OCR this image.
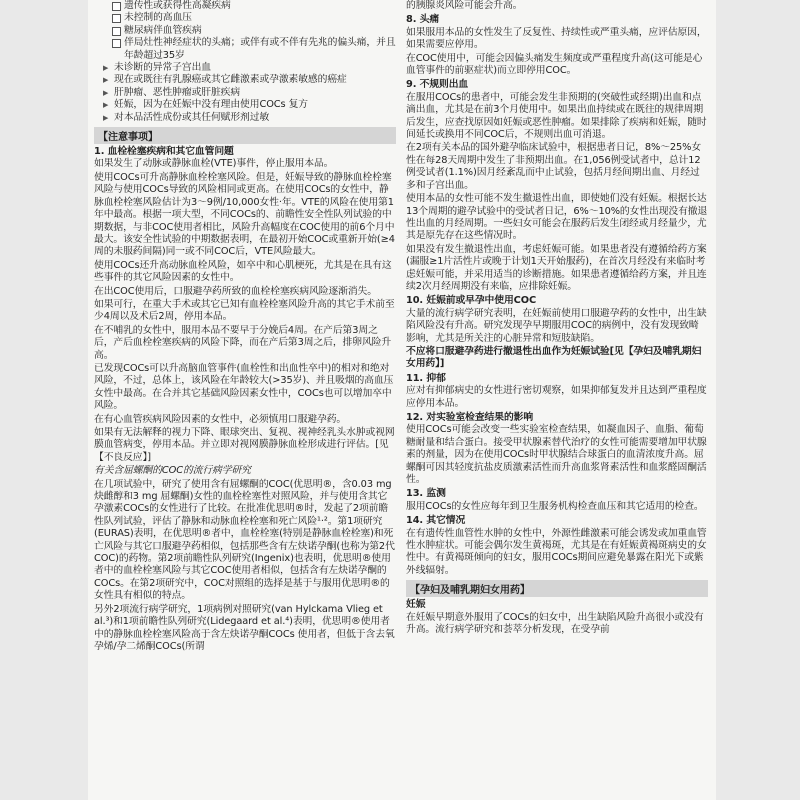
遗传性或获得性高凝疾病
未控制的高血压
糖尿病伴血管疾病
伴局灶性神经症状的头痛；或伴有或不伴有先兆的偏头痛，并且年龄超过35岁
▶ 未诊断的异常子宫出血
▶ 现在或既往有乳腺癌或其它雌激素或孕激素敏感的癌症
▶ 肝肿瘤、恶性肿瘤或肝脏疾病
▶ 妊娠，因为在妊娠中没有理由使用COCs 复方
▶ 对本品活性成份或其任何赋形剂过敏
【注意事项】

1. 血栓栓塞疾病和其它血管问题

如果发生了动脉或静脉血栓(VTE)事件，停止服用本品。

使用COCs可升高静脉血栓栓塞风险。但是，妊娠导致的静脉血栓栓塞风险与使用COCs导致的风险相同或更高。在使用COCs的女性中，静脉血栓栓塞风险估计为3～9例/10,000女性·年。VTE的风险在使用第1年中最高。根据一项大型，不同COCs的、前瞻性安全性队列试验的中期数据，与非COC使用者相比，风险升高幅度在COC使用的前6个月中最大。该安全性试验的中期数据表明，在最初开始COC或重新开始(≥4周的未服药间隔)同一或不同COC后，VTE风险最大。

使用COCs还升高动脉血栓风险，如卒中和心肌梗死，尤其是在具有这些事件的其它风险因素的女性中。

在出COC使用后，口服避孕药所致的血栓栓塞疾病风险逐渐消失。

如果可行，在重大手术或其它已知有血栓栓塞风险升高的其它手术前至少4周以及术后2周，停用本品。

在不哺乳的女性中，服用本品不要早于分娩后4周。在产后第3周之后，产后血栓栓塞疾病的风险下降，而在产后第3周之后，排卵风险升高。

已发现COCs可以升高脑血管事件(血栓性和出血性卒中)的相对和绝对风险，不过，总体上，该风险在年龄较大(>35岁)、并且吸烟的高血压女性中最高。在合并其它基础风险因素女性中，COCs也可以增加卒中风险。

在有心血管疾病风险因素的女性中，必须慎用口服避孕药。

如果有无法解释的视力下降、眼球突出、复视、视神经乳头水肿或视网膜血管病变，停用本品。并立即对视网膜静脉血栓形成进行评估。[见【不良反应】]

有关含屈螺酮的COC的流行病学研究

在几项试验中，研究了使用含有屈螺酮的COC(优思明®，含0.03 mg 炔雌醇和3 mg 屈螺酮)女性的血栓栓塞性对照风险，并与使用含其它孕激素COCs的女性进行了比较。在批准优思明®时，发起了2项前瞻性队列试验，评估了静脉和动脉血栓栓塞和死亡风险¹·²。第1项研究(EURAS)表明，在优思明®者中，血栓栓塞(特别是静脉血栓栓塞)和死亡风险与其它口服避孕药相似，包括那些含有左炔诺孕酮(也称为第2代COC)的药物。第2项前瞻性队列研究(Ingenix)也表明，优思明®使用者中的血栓栓塞风险与其它COC使用者相似，包括含有左炔诺孕酮的COCs。在第2项研究中，COC对照组的选择是基于与服用优思明®的女性具有相似的特点。

另外2项流行病学研究，1项病例对照研究(van Hylckama Vlieg et al.³)和1项前瞻性队列研究(Lidegaard et al.⁴)表明，优思明®使用者中的静脉血栓栓塞风险高于含左炔诺孕酮COCs 使用者，但低于含去氧孕烯/孕二烯酮COCs(所谓

的胰腺炎风险可能会升高。

8. 头痛

如果服用本品的女性发生了反复性、持续性或严重头痛，应评估原因，如果需要应停用。

在COC使用中，可能会因偏头痛发生频度或严重程度升高(这可能是心血管事件的前驱症状)而立即停用COC。

9. 不规则出血

在服用COCs的患者中，可能会发生非预期的(突破性或经期)出血和点滴出血，尤其是在前3个月使用中。如果出血持续或在既往的规律周期后发生，应查找原因如妊娠或恶性肿瘤。如果排除了疾病和妊娠，随时间延长或换用不同COC后，不规则出血可消退。

在2项有关本品的国外避孕临床试验中，根据患者日记，8%～25%女性在每28天周期中发生了非预期出血。在1,056例受试者中，总计12例受试者(1.1%)因月经紊乱而中止试验，包括月经间期出血、月经过多和子宫出血。

使用本品的女性可能不发生撤退性出血，即使她们没有妊娠。根据长达13个周期的避孕试验中的受试者日记，6%～10%的女性出现没有撤退性出血的月经周期。一些妇女可能会在服药后发生闭经或月经量少，尤其是原先存在这些情况时。

如果没有发生撤退性出血，考虑妊娠可能。如果患者没有遵循给药方案(漏服≥1片活性片或晚于计划1天开始服药)，在首次月经没有来临时考虑妊娠可能，并采用适当的诊断措施。如果患者遵循给药方案，并且连续2次月经周期没有来临，应排除妊娠。

10. 妊娠前或早孕中使用COC

大量的流行病学研究表明，在妊娠前使用口服避孕药的女性中，出生缺陷风险没有升高。研究发现孕早期服用COC的病例中，没有发现致畸影响，尤其是所关注的心脏异常和短肢缺陷。

不应将口服避孕药进行撤退性出血作为妊娠试验[见【孕妇及哺乳期妇女用药】]

11. 抑郁

应对有抑郁病史的女性进行密切观察，如果抑郁复发并且达到严重程度应停用本品。

12. 对实验室检查结果的影响

使用COCs可能会改变一些实验室检查结果，如凝血因子、血脂、葡萄糖耐量和结合蛋白。接受甲状腺素替代治疗的女性可能需要增加甲状腺素的剂量，因为在使用COCs时甲状腺结合球蛋白的血清浓度升高。屈螺酮可因其轻度抗盐皮质激素活性而升高血浆肾素活性和血浆醛固酮活性。

13. 监测

服用COCs的女性应每年到卫生服务机构检查血压和其它适用的检查。

14. 其它情况

在有遗传性血管性水肿的女性中，外源性雌激素可能会诱发或加重血管性水肿症状。可能会偶尔发生黄褐斑，尤其是在有妊娠黄褐斑病史的女性中。有黄褐斑倾向的妇女，服用COCs期间应避免暴露在阳光下或紫外线辐射。

【孕妇及哺乳期妇女用药】

妊娠

在妊娠早期意外服用了COCs的妇女中，出生缺陷风险升高很小或没有升高。流行病学研究和荟萃分析发现，在受孕前
